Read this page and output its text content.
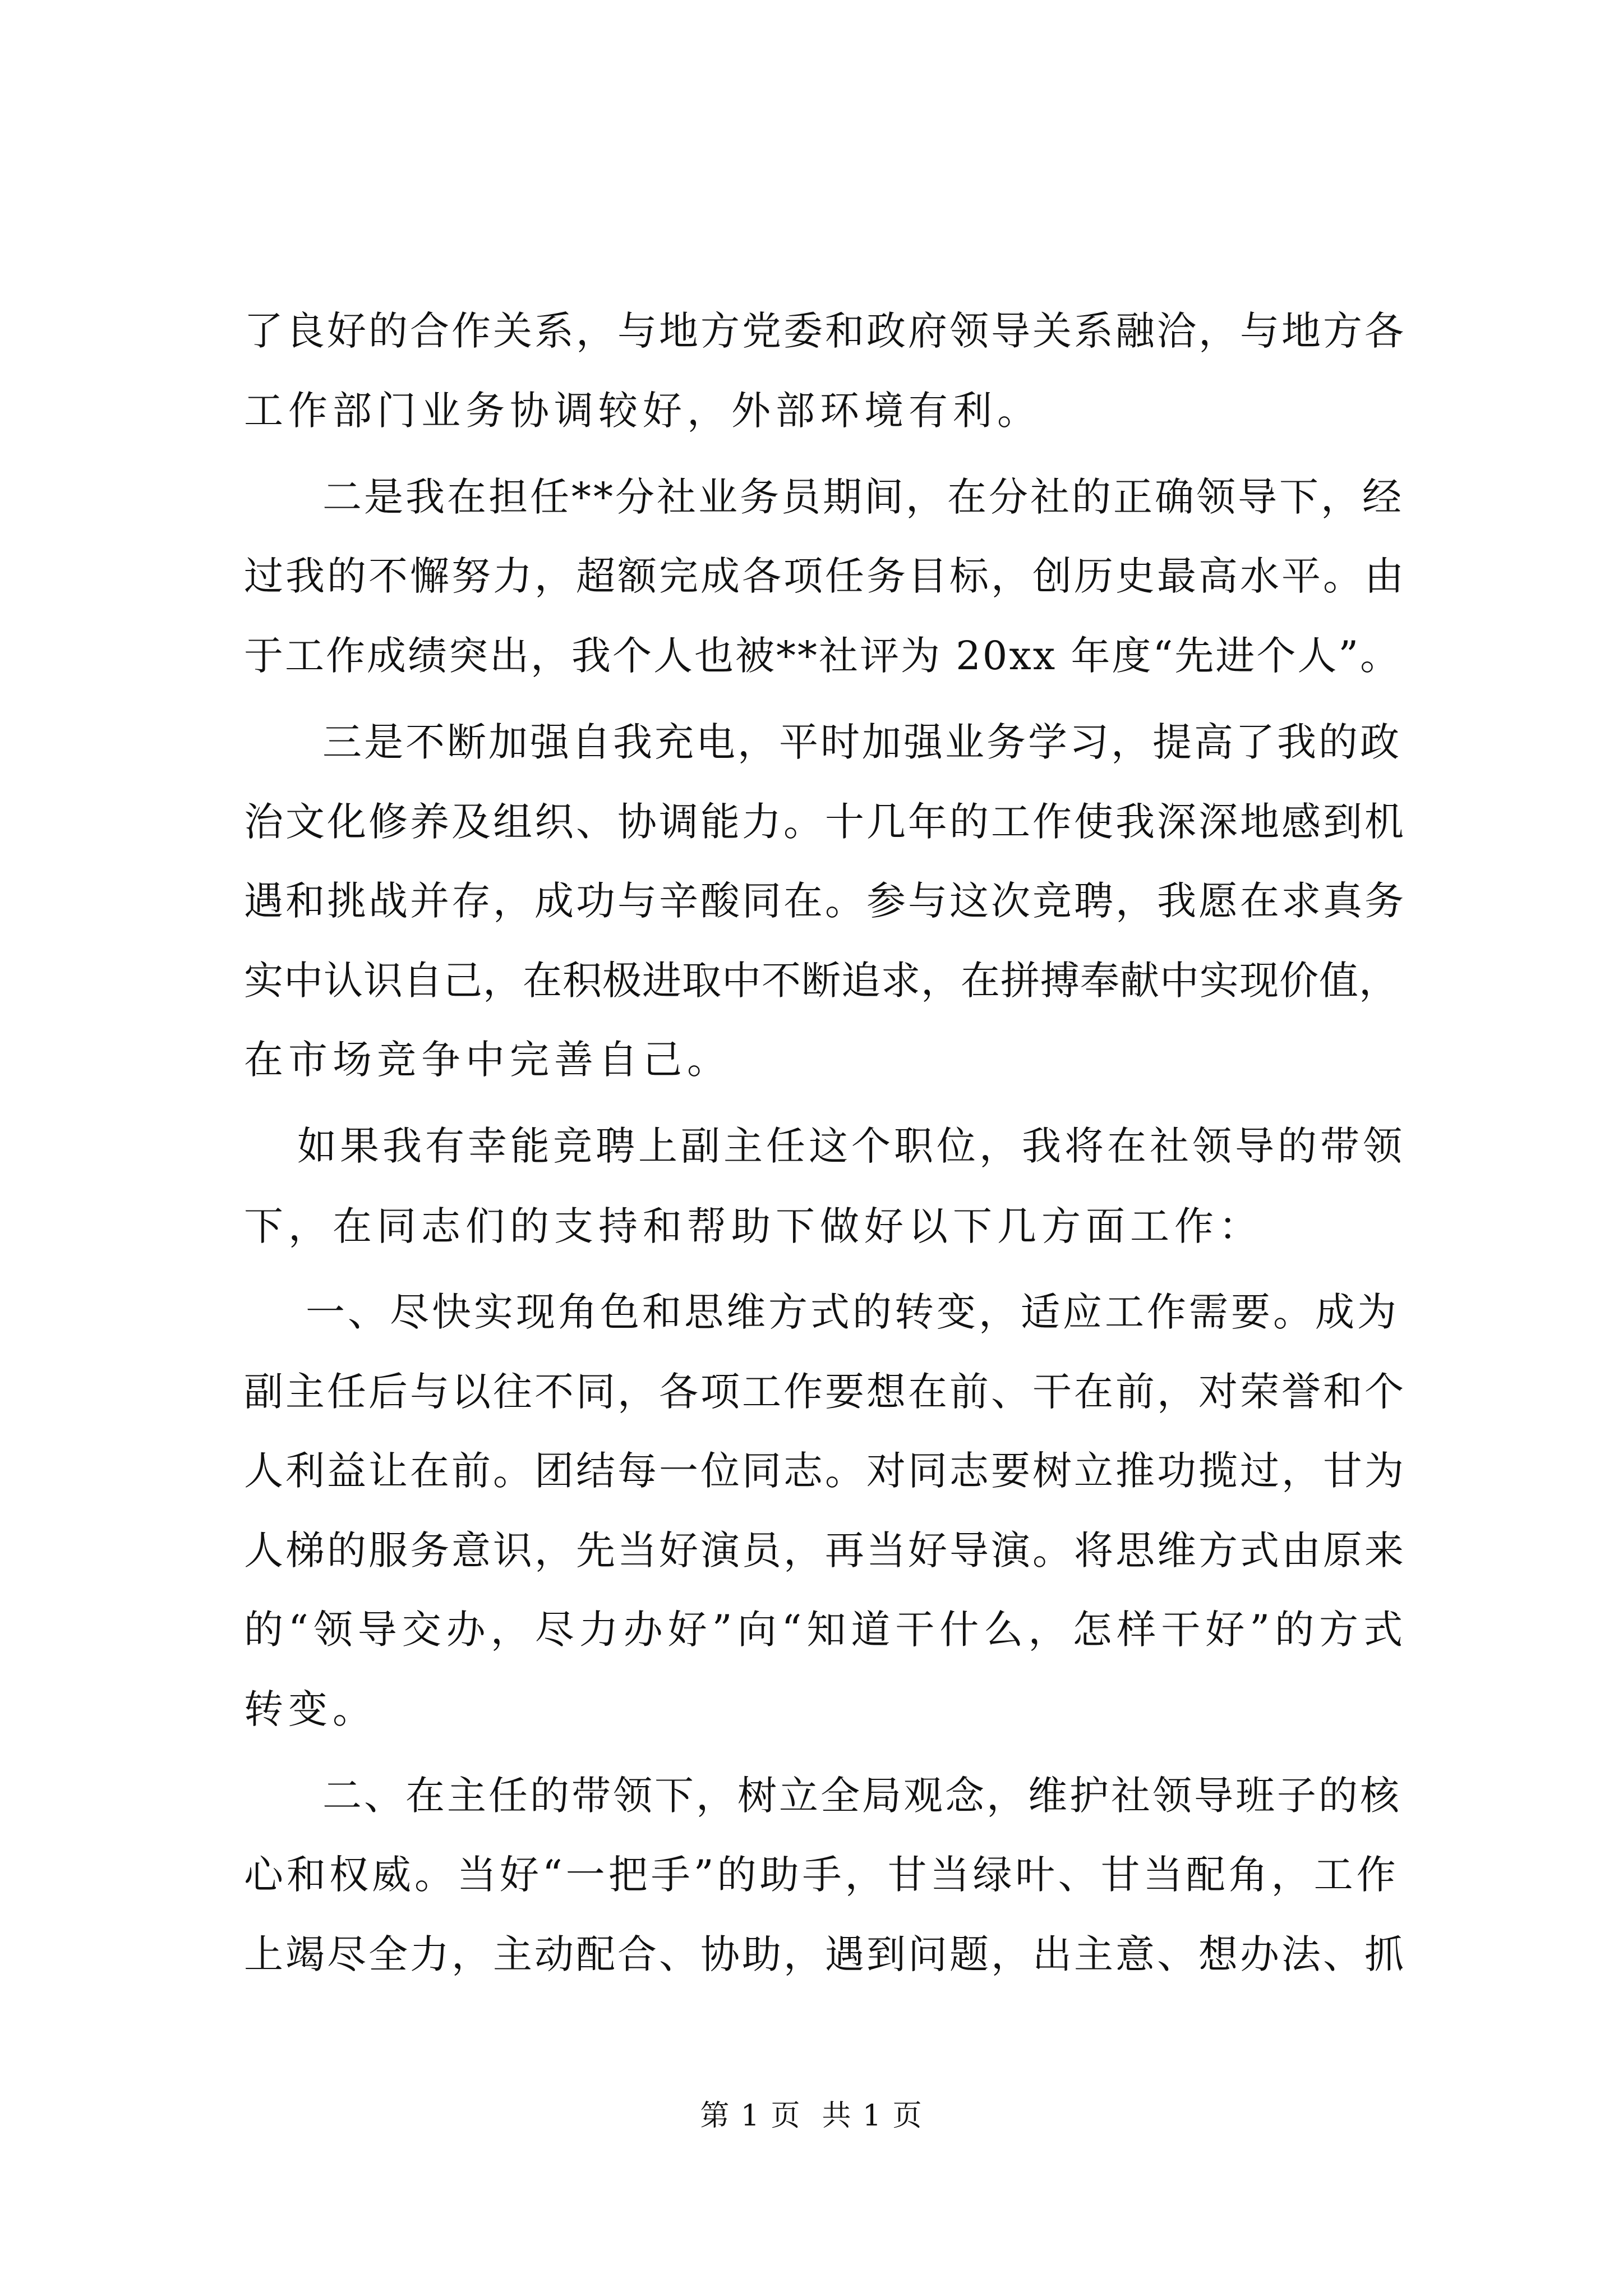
了良好的合作关系，与地方党委和政府领导关系融洽，与地方各
工作部门业务协调较好，外部环境有利。
二是我在担任**分社业务员期间，在分社的正确领导下，经
过我的不懈努力，超额完成各项任务目标，创历史最高水平。由
于工作成绩突出，我个人也被**社评为 20xx 年度“先进个人”。
三是不断加强自我充电，平时加强业务学习，提高了我的政
治文化修养及组织、协调能力。十几年的工作使我深深地感到机
遇和挑战并存，成功与辛酸同在。参与这次竞聘，我愿在求真务
实中认识自己，在积极进取中不断追求，在拼搏奉献中实现价值，
在市场竞争中完善自己。
如果我有幸能竞聘上副主任这个职位，我将在社领导的带领
下，在同志们的支持和帮助下做好以下几方面工作：
一、尽快实现角色和思维方式的转变，适应工作需要。成为
副主任后与以往不同，各项工作要想在前、干在前，对荣誉和个
人利益让在前。团结每一位同志。对同志要树立推功揽过，甘为
人梯的服务意识，先当好演员，再当好导演。将思维方式由原来
的“领导交办，尽力办好”向“知道干什么，怎样干好”的方式
转变。
二、在主任的带领下，树立全局观念，维护社领导班子的核
心和权威。当好“一把手”的助手，甘当绿叶、甘当配角，工作
上竭尽全力，主动配合、协助，遇到问题，出主意、想办法、抓
第 1 页  共 1 页
